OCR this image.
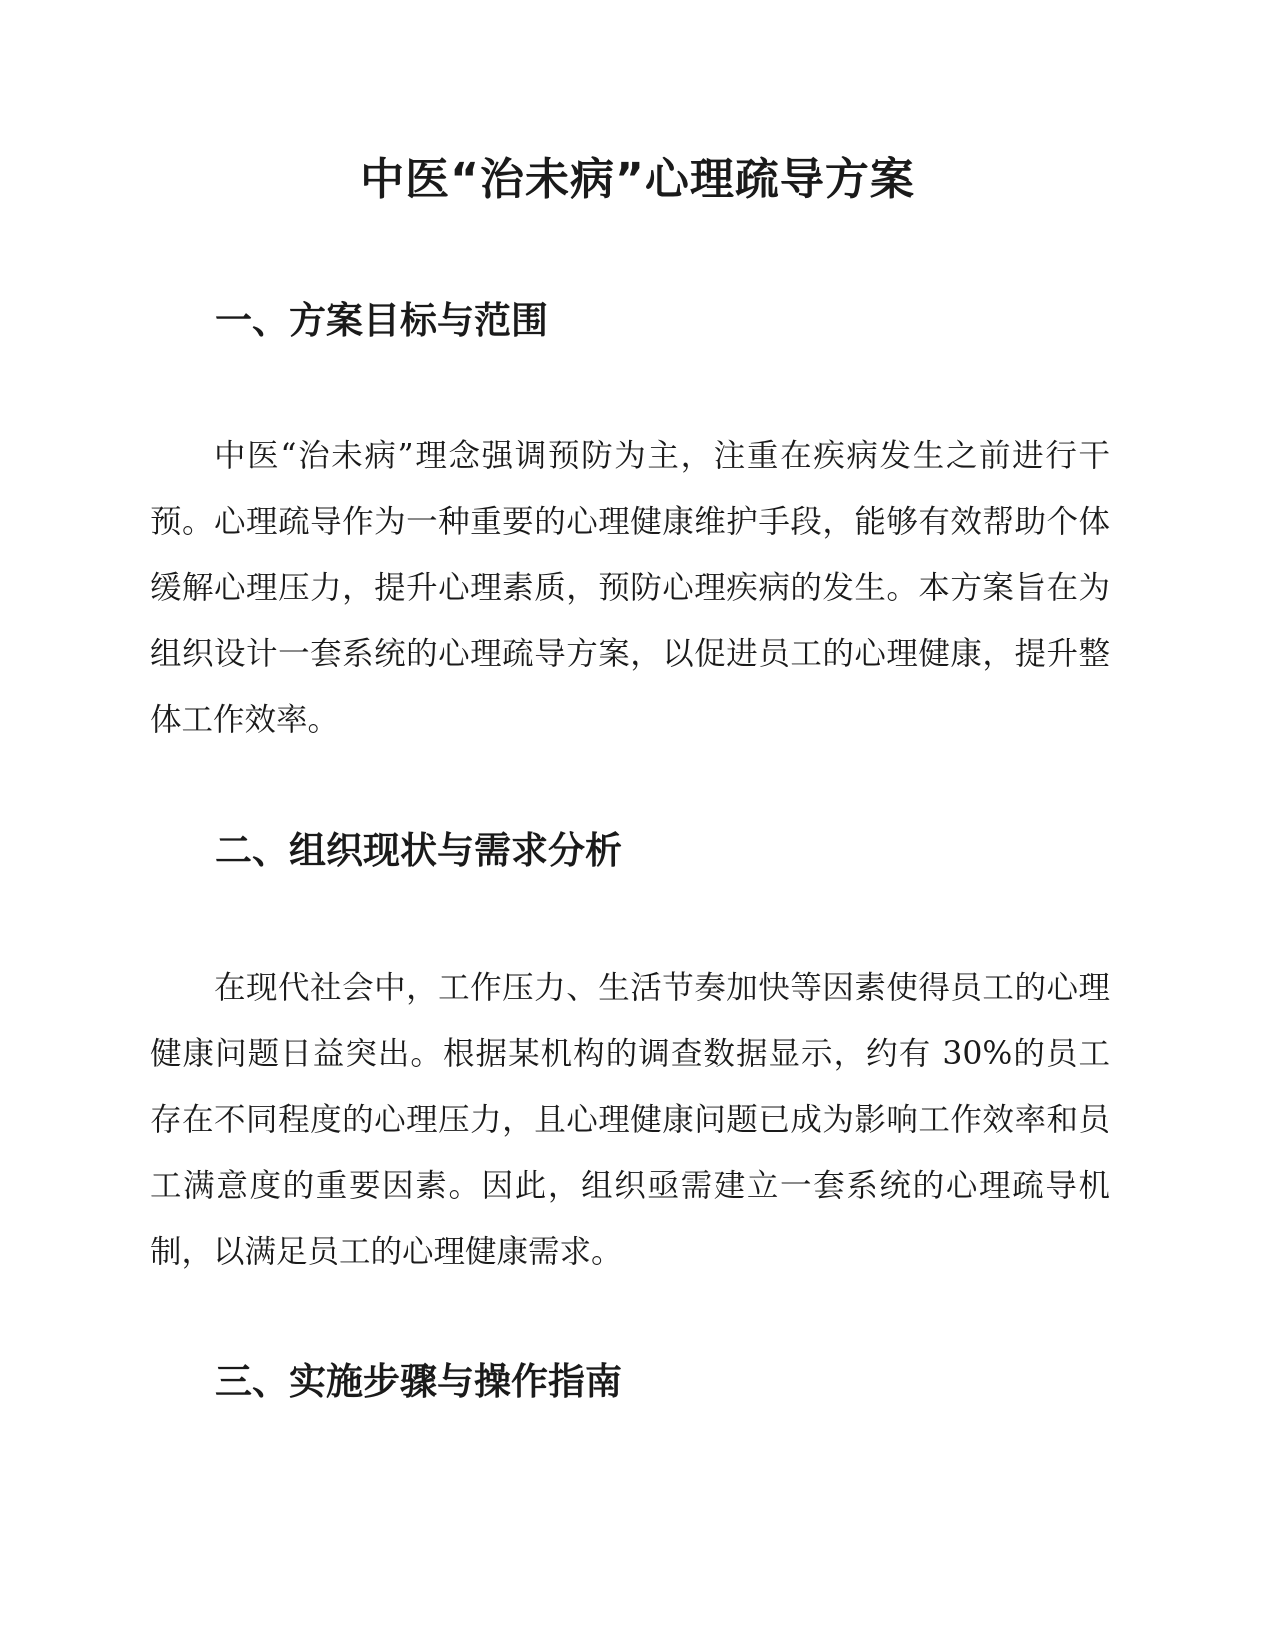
中医“治未病”心理疏导方案
一、方案目标与范围

中医“治未病”理念强调预防为主，注重在疾病发生之前进行干预。心理疏导作为一种重要的心理健康维护手段，能够有效帮助个体缓解心理压力，提升心理素质，预防心理疾病的发生。本方案旨在为组织设计一套系统的心理疏导方案，以促进员工的心理健康，提升整体工作效率。

二、组织现状与需求分析

在现代社会中，工作压力、生活节奏加快等因素使得员工的心理健康问题日益突出。根据某机构的调查数据显示，约有 30%的员工存在不同程度的心理压力，且心理健康问题已成为影响工作效率和员工满意度的重要因素。因此，组织亟需建立一套系统的心理疏导机制，以满足员工的心理健康需求。

三、实施步骤与操作指南
